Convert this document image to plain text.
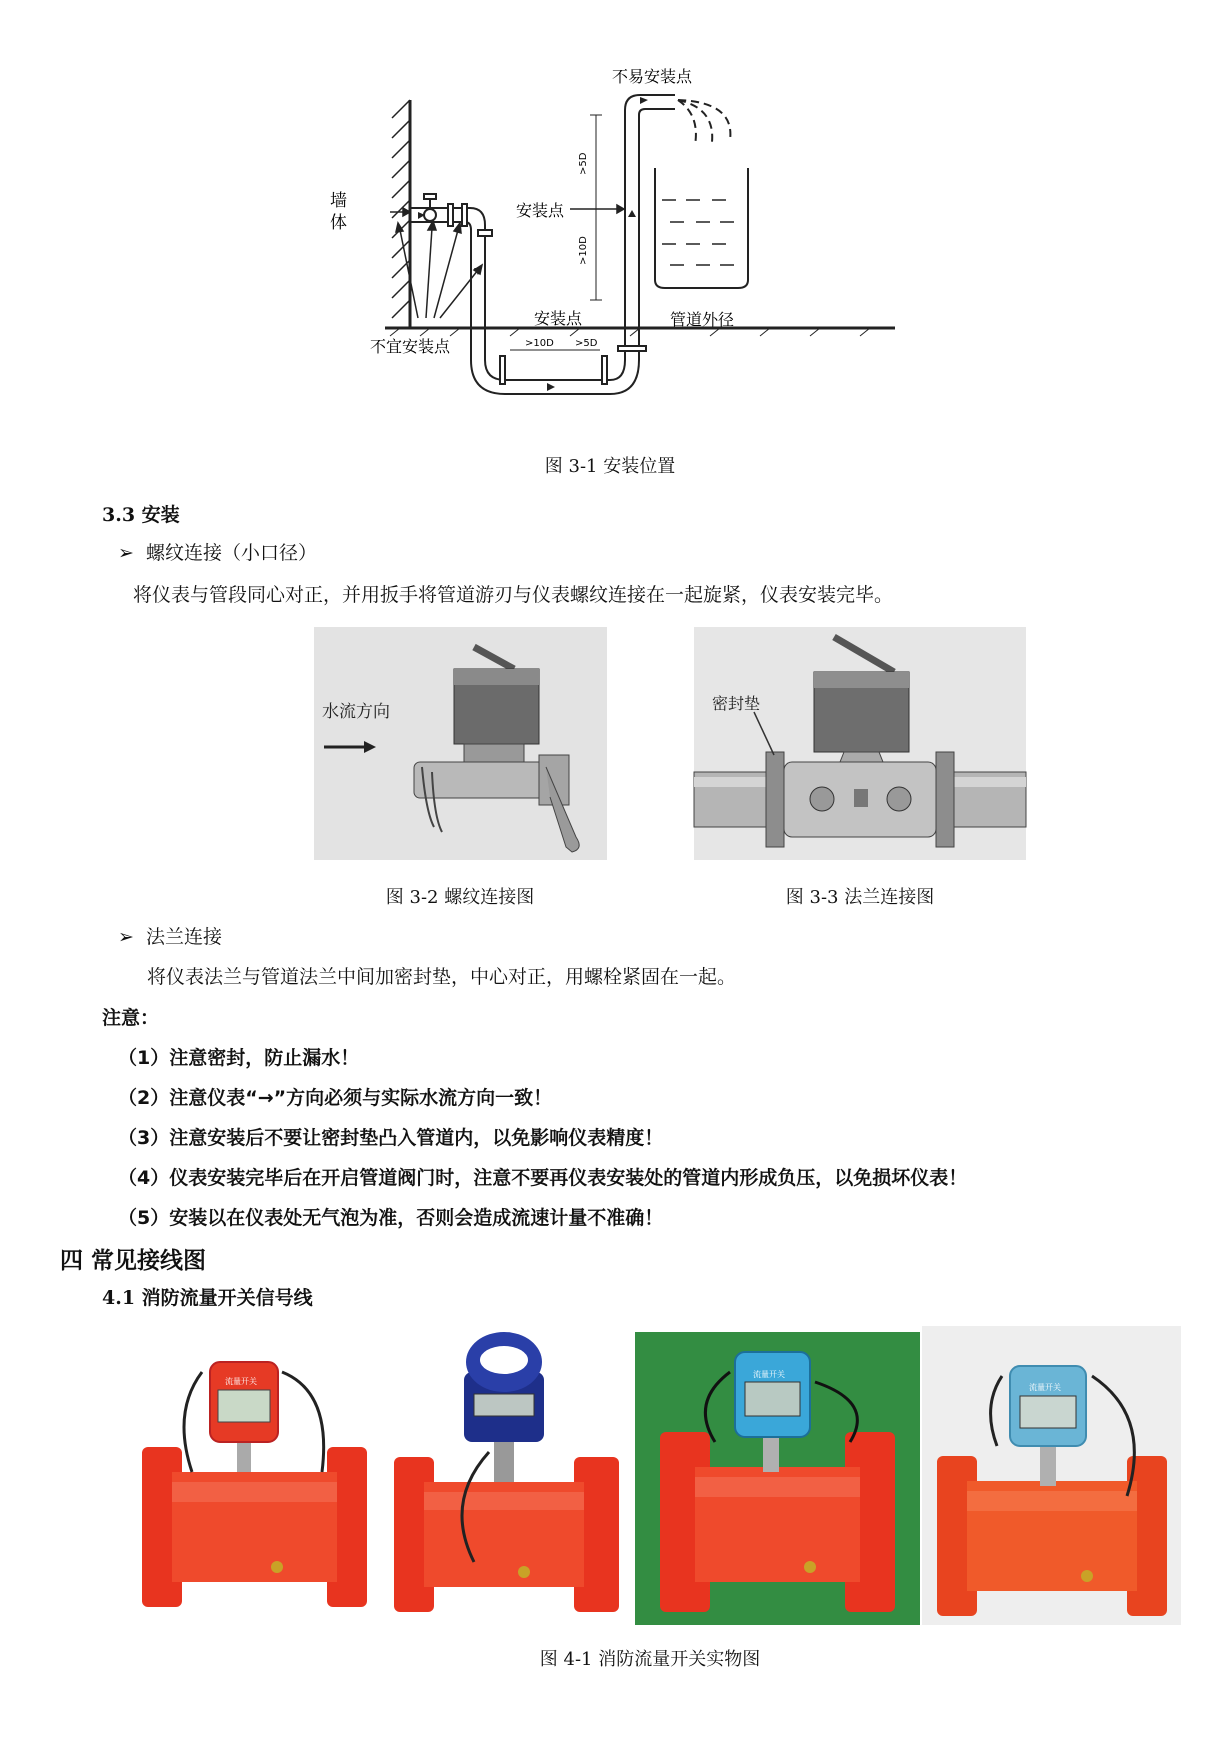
不易安装点
墙
体
安装点
安装点
不宜安装点
管道外径
>5D
>10D
>10D >5D
图 3-1 安装位置
3.3 安装
➢  螺纹连接（小口径）
将仪表与管段同心对正，并用扳手将管道游刃与仪表螺纹连接在一起旋紧，仪表安装完毕。
水流方向	密封垫
图 3-2 螺纹连接图	图 3-3 法兰连接图
➢  法兰连接
将仪表法兰与管道法兰中间加密封垫，中心对正，用螺栓紧固在一起。
注意：
（1）注意密封，防止漏水！
（2）注意仪表“→”方向必须与实际水流方向一致！
（3）注意安装后不要让密封垫凸入管道内，以免影响仪表精度！
（4）仪表安装完毕后在开启管道阀门时，注意不要再仪表安装处的管道内形成负压，以免损坏仪表！
（5）安装以在仪表处无气泡为准，否则会造成流速计量不准确！
四 常见接线图
4.1 消防流量开关信号线
流量开关
流量开关
流量开关
图 4-1 消防流量开关实物图
